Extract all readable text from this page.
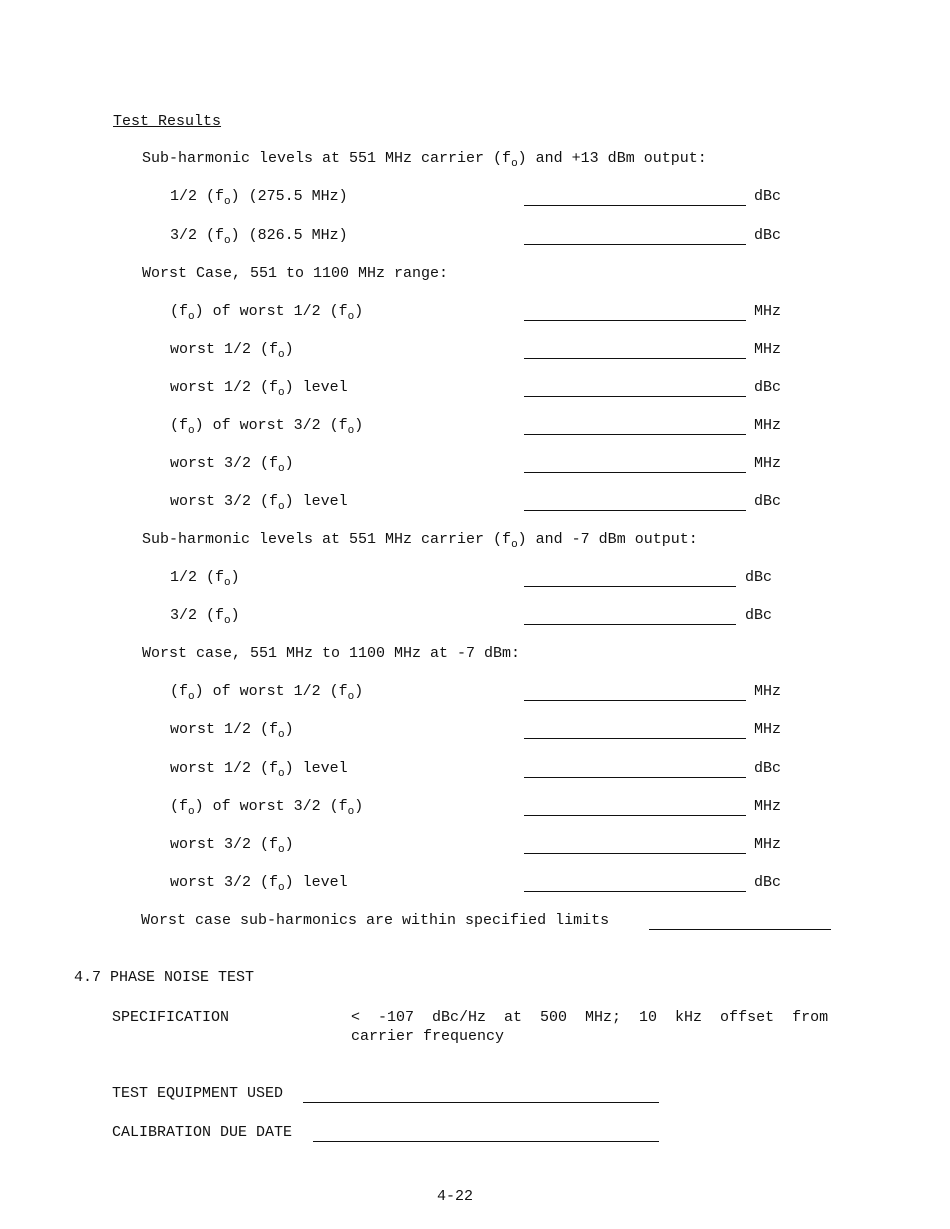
Test Results
Sub-harmonic levels at 551 MHz carrier $(f_o)$ and +13 dBm output:
1/2 $(f_o)$ (275.5 MHz)	dBc
3/2 $(f_o)$ (826.5 MHz)	dBc
Worst Case, 551 to 1100 MHz range:
$(f_o)$ of worst 1/2 $(f_o)$	MHz
worst 1/2 $(f_o)$	MHz
worst 1/2 $(f_o)$ level	dBc
$(f_o)$ of worst 3/2 $(f_o)$	MHz
worst 3/2 $(f_o)$	MHz
worst 3/2 $(f_o)$ level	dBc
Sub-harmonic levels at 551 MHz carrier $(f_o)$ and -7 dBm output:
1/2 $(f_o)$	dBc
3/2 $(f_o)$	dBc
Worst case, 551 MHz to 1100 MHz at -7 dBm:
$(f_o)$ of worst 1/2 $(f_o)$	MHz
worst 1/2 $(f_o)$	MHz
worst 1/2 $(f_o)$ level	dBc
$(f_o)$ of worst 3/2 $(f_o)$	MHz
worst 3/2 $(f_o)$	MHz
worst 3/2 $(f_o)$ level	dBc
Worst case sub-harmonics are within specified limits
4.7 PHASE NOISE TEST
SPECIFICATION	<  -107  dBc/Hz  at  500  MHz;  10  kHz  offset  from
carrier frequency
TEST EQUIPMENT USED
CALIBRATION DUE DATE
4-22
